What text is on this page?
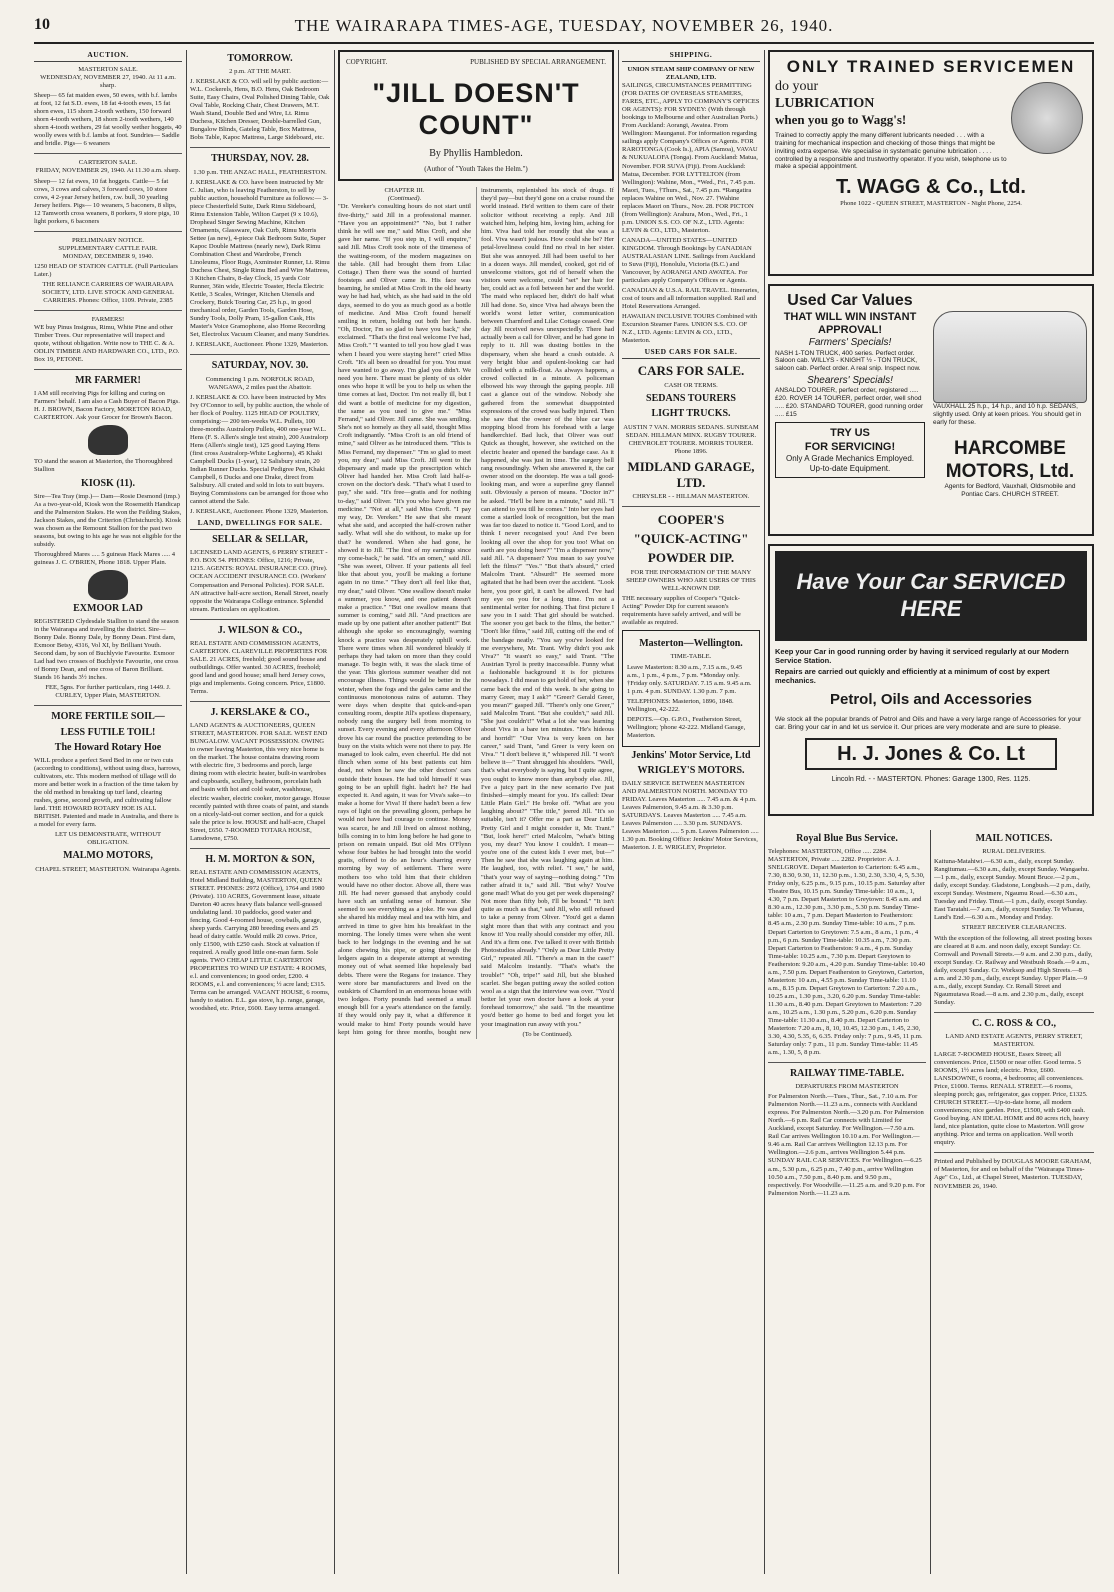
10	THE WAIRARAPA TIMES-AGE, TUESDAY, NOVEMBER 26, 1940.
AUCTION.
MASTERTON SALE.

WEDNESDAY, NOVEMBER 27, 1940. At 11 a.m. sharp.

Sheep— 65 fat maiden ewes, 50 ewes, with b.f. lambs at foot, 12 fat S.D. ewes, 18 fat 4-tooth ewes, 15 fat shorn ewes, 115 shorn 2-tooth wethers, 150 forward shorn 4-tooth wethers, 18 shorn 2-tooth wethers, 140 shorn 4-tooth wethers, 29 fat woolly wether hoggets, 40 woolly ewes with b.f. lambs at foot. Sundries— Saddle and bridle. Pigs— 6 weaners

CARTERTON SALE.

FRIDAY, NOVEMBER 29, 1940. At 11.30 a.m. sharp.

Sheep— 12 fat ewes, 10 fat hoggets. Cattle— 5 fat cows, 3 cows and calves, 3 forward cows, 10 store cows, 4 2-year Jersey heifers, r.w. bull, 30 yearling Jersey heifers. Pigs— 10 weaners, 5 baconers, 8 slips, 12 Tamworth cross weaners, 8 porkers, 9 store pigs, 10 light porkers, 6 baconers

PRELIMINARY NOTICE.
SUPPLEMENTARY CATTLE FAIR.

MONDAY, DECEMBER 9, 1940.

1250 HEAD OF STATION CATTLE. (Full Particulars Later.)

THE RELIANCE CARRIERS OF WAIRARAPA SOCIETY, LTD. LIVE STOCK AND GENERAL CARRIERS. Phones: Office, 1109. Private, 2385

FARMERS!

WE buy Pinus Insignus, Rimu, White Pine and other Timber Trees. Our representative will inspect and quote, without obligation. Write now to THE C. & A. ODLIN TIMBER AND HARDWARE CO., LTD., P.O. Box 19, PETONE.

MR FARMER!

I AM still receiving Pigs for killing and curing on Farmers' behalf. I am also a Cash Buyer of Bacon Pigs. H. J. BROWN, Bacon Factory, MORETON ROAD, CARTERTON. Ask your Grocer for Brown's Bacon.

TO stand the season at Masterton, the Thoroughbred Stallion

KIOSK (11).

Sire—Tea Tray (imp.)— Dam—Rosie Desmond (imp.) As a two-year-old, Kiosk won the Rosemeith Handicap and the Palmerston Stakes. He won the Feilding Stakes, Jackson Stakes, and the Criterion (Christchurch). Kiosk was chosen as the Remount Stallion for the past two seasons, but owing to his age he was not eligible for the subsidy.

Thoroughbred Mares ..... 5 guineas Hack Mares ..... 4 guineas J. C. O'BRIEN, Phone 1818. Upper Plain.

EXMOOR LAD

REGISTERED Clydesdale Stallion to stand the season in the Wairarapa and travelling the district. Sire—Bonny Dale. Bonny Dale, by Bonny Dean. First dam, Exmoor Betsy, 4316, Vol XI, by Brilliant Youth. Second dam, by son of Buchlyvie Favourite. Exmoor Lad had two crosses of Buchlyvie Favourite, one cross of Bonny Dean, and one cross of Baron Brilliant. Stands 16 hands 3½ inches.

FEE, 5gns. For further particulars, ring 1449. J. CURLEY, Upper Plain, MASTERTON.

MORE FERTILE SOIL—
LESS FUTILE TOIL!
The Howard Rotary Hoe

WILL produce a perfect Seed Bed in one or two cuts (according to conditions), without using discs, harrows, cultivators, etc. This modern method of tillage will do more and better work in a fraction of the time taken by the old method in breaking up turf land, clearing rushes, gorse, second growth, and cultivating fallow land. THE HOWARD ROTARY HOE IS ALL BRITISH. Patented and made in Australia, and there is a model for every farm.

LET US DEMONSTRATE, WITHOUT OBLIGATION.

MALMO MOTORS,

CHAPEL STREET, MASTERTON. Wairarapa Agents.

TOMORROW.

2 p.m. AT THE MART.

J. KERSLAKE & CO. will sell by public auction:— W.L. Cockerels, Hens, B.O. Hens, Oak Bedroom Suite, Easy Chairs, Oval Polished Dining Table, Oak Oval Table, Rocking Chair, Chest Drawers, M.T. Wash Stand, Double Bed and Wire, Lt. Rimu Duchess, Kitchen Dresser, Double-barrelled Gun, Bungalow Blinds, Gateleg Table, Box Mattress, Bobs Table, Kapoc Mattress, Large Sideboard, etc.

THURSDAY, NOV. 28.

1.30 p.m. THE ANZAC HALL, FEATHERSTON.

J. KERSLAKE & CO. have been instructed by Mr C. Julian, who is leaving Featherston, to sell by public auction, household Furniture as follows:— 3-piece Chesterfield Suite, Dark Rimu Sideboard, Rimu Extension Table, Wilton Carpet (9 x 10.6), Drophead Singer Sewing Machine, Kitchen Ornaments, Glassware, Oak Curb, Rimu Morris Settee (as new), 4-piece Oak Bedroom Suite, Super Kapoc Double Mattress (nearly new), Dark Rimu Combination Chest and Wardrobe, French Linoleums, Floor Rugs, Axminster Runner, Lt. Rimu Duchess Chest, Single Rimu Bed and Wire Mattress, 3 Kitchen Chairs, 8-day Clock, 15 yards Coir Runner, 36in wide, Electric Toaster, Hecla Electric Kettle, 3 Scales, Wringer, Kitchen Utensils and Crockery, Buick Touring Car, 25 h.p., in good mechanical order, Garden Tools, Garden Hose, Sundry Tools, Dolly Pram, 15-gallon Cask, His Master's Voice Gramophone, also Home Recording Set, Electrolux Vacuum Cleaner, and many Sundries.

J. KERSLAKE, Auctioneer. Phone 1329, Masterton.

SATURDAY, NOV. 30.

Commencing 1 p.m. NORFOLK ROAD, WANGAWA, 2 miles past the Abattoir.

J. KERSLAKE & CO. have been instructed by Mrs Ivy O'Connor to sell, by public auction, the whole of her flock of Poultry. 1125 HEAD OF POULTRY, comprising:— 200 ten-weeks W.L. Pullets, 100 three-months Australorp Pullets, 400 one-year W.L. Hens (F. S. Allen's single test strain), 200 Australorp Hens (Allen's single test), 125 good Laying Hens (first cross Australorp-White Leghorns), 45 Khaki Campbell Ducks (1-year), 12 Salisbury strain, 20 Indian Runner Ducks. Special Pedigree Pen, Khaki Campbell, 6 Ducks and one Drake, direct from Salisbury. All crated and sold in lots to suit buyers. Buying Commissions can be arranged for those who cannot attend the Sale.

J. KERSLAKE, Auctioneer. Phone 1329, Masterton.

LAND, DWELLINGS FOR SALE.
SELLAR & SELLAR,

LICENSED LAND AGENTS, 6 PERRY STREET - P.O. BOX 54. PHONES: Office, 1216; Private, 1215. AGENTS: ROYAL INSURANCE CO. (Fire). OCEAN ACCIDENT INSURANCE CO. (Workers' Compensation and Personal Policies). FOR SALE. AN attractive half-acre section, Renall Street, nearly opposite the Wairarapa College entrance. Splendid stream. Particulars on application.

J. WILSON & CO.,

REAL ESTATE AND COMMISSION AGENTS, CARTERTON. CLAREVILLE PROPERTIES FOR SALE. 21 ACRES, freehold; good sound house and outbuildings. Offer wanted. 30 ACRES, freehold; good land and good house; small herd Jersey cows, pigs and implements. Going concern. Price, £1800. Terms.

J. KERSLAKE & CO.,

LAND AGENTS & AUCTIONEERS, QUEEN STREET, MASTERTON. FOR SALE. WEST END BUNGALOW. VACANT POSSESSION. OWING to owner leaving Masterton, this very nice home is on the market. The house contains drawing room with electric fire, 3 bedrooms and porch, large dining room with electric heater, built-in wardrobes and cupboards, scullery, bathroom, porcelain bath and basin with hot and cold water, washhouse, electric washer, electric cooker, motor garage. House recently painted with three coats of paint, and stands on a nicely-laid-out corner section, and for a quick sale the price is low. HOUSE and half-acre, Chapel Street, £650. 7-ROOMED TOTARA HOUSE, Lansdowne, £750.

H. M. MORTON & SON,

REAL ESTATE AND COMMISSION AGENTS, Hotel Midland Building, MASTERTON, QUEEN STREET. PHONES: 2972 (Office), 1764 and 1980 (Private). 110 ACRES, Government lease, situate Dareton 40 acres heavy flats balance well-grassed undulating land. 10 paddocks, good water and fencing. Good 4-roomed house, cowbails, garage, sheep yards. Carrying 280 breeding ewes and 25 head of dairy cattle. Would milk 20 cows. Price, only £1500, with £250 cash. Stock at valuation if required. A really good little one-man farm. Sole agents. TWO CHEAP LITTLE CARTERTON PROPERTIES TO WIND UP ESTATE: 4 ROOMS, e.l. and conveniences; in good order, £200. 4 ROOMS, e.l. and conveniences; ½ acre land; £315. Terms can be arranged. VACANT HOUSE, 6 rooms, handy to station. E.L. gas stove, h.p. range, garage, woodshed, etc. Price, £600. Easy terms arranged.

COPYRIGHT.	PUBLISHED BY SPECIAL ARRANGEMENT.
"JILL DOESN'T COUNT"
By Phyllis Hambledon.
(Author of "Youth Takes the Helm.")
CHAPTER III.
(Continued).

"Dr. Vereker's consulting hours do not start until five-thirty," said Jill in a professional manner. "Have you an appointment?" "No, but I rather think he will see me," said Miss Croft, and she gave her name. "If you step in, I will enquire," said Jill. Miss Croft took note of the timeness of the waiting-room, of the modern magazines on the table. (Jill had brought them from Lilac Cottage.) Then there was the sound of hurried footsteps and Oliver came in. His face was beaming, he smiled at Miss Croft in the old hearty way he had had, which, as she had said in the old days, seemed to do you as much good as a bottle of medicine. And Miss Croft found herself smiling in return, holding out both her hands. "Oh, Doctor, I'm so glad to have you back," she exclaimed. "That's the first real welcome I've had, Miss Croft." "I wanted to tell you how glad I was when I heard you were staying here!" cried Miss Croft. "It's all been so dreadful for you. You must have wanted to go away. I'm glad you didn't. We need you here. There must be plenty of us older ones who hope it will be you to help us when the time comes at last, Doctor. I'm not really ill, but I did want a bottle of medicine for my digestion, the same as you used to give me." "Miss Ferrand," said Oliver. Jill came. She was smiling. She's not so homely as they all said, thought Miss Croft indignantly. "Miss Croft is an old friend of mine," said Oliver as he introduced them. "This is Miss Ferrand, my dispenser." "I'm so glad to meet you, my dear," said Miss Croft. Jill went to the dispensary and made up the prescription which Oliver had handed her. Miss Croft laid half-a-crown on the doctor's desk. "That's what I used to pay," she said. "It's free—gratis and for nothing to-day," said Oliver. "It's you who have given me medicine." "Not at all," said Miss Croft. "I pay my way, Dr. Vereker." He saw that she meant what she said, and accepted the half-crown rather sadly. What will she do without, to make up for that? he wondered. When she had gone, he showed it to Jill. "The first of my earnings since my come-back," he said. "It's an omen," said Jill. "She was sweet, Oliver. If your patients all feel like that about you, you'll be making a fortune again in no time." "They don't all feel like that, my dear," said Oliver. "One swallow doesn't make a summer, you know, and one patient doesn't make a practice." "But one swallow means that summer is coming," said Jill. "And practices are made up by one patient after another patient!" But although she spoke so encouragingly, warning knock a practice was desperately uphill work. There were times when Jill wondered bleakly if perhaps they had taken on more than they could manage. To begin with, it was the slack time of the year. This glorious summer weather did not encourage illness. Things would be better in the winter, when the fogs and the gales came and the continuous monotonous rains of autumn. They were days when despite that quick-and-span consulting room, despite Jill's spotless dispensary, nobody rang the surgery bell from morning to sunset. Every evening and every afternoon Oliver drove his car round the practice pretending to be busy on the visits which were not there to pay. He managed to look calm, even cheerful. He did not flinch when some of his best patients cut him dead, not when he saw the other doctors' cars outside their houses. He had told himself it was going to be an uphill fight. hadn't he? He had expected it. And again, it was for Viva's sake—to make a home for Viva! If there hadn't been a few rays of light on the prevailing gloom, perhaps he would not have had courage to continue. Money was scarce, he and Jill lived on almost nothing, bills coming in to him long before he had gone to prison on remain unpaid. But old Mrs O'Flynn whose four babies he had brought into the world gratis, offered to do an hour's charring every morning by way of settlement. There were mothers too who told him that their children would have no other doctor. Above all, there was Jill. He had never guessed that anybody could have such an unfailing sense of humour. She seemed to see everything as a joke. He was glad she shared his midday meal and tea with him, and arrived in time to give him his breakfast in the morning. The lonely times were when she went back to her lodgings in the evening and he sat alone chewing his pipe, or going through the ledgers again in a desperate attempt at wresting money out of what seemed like hopelessly bad debts. There were the Regans for instance. They were store bar manufacturers and lived on the outskirts of Charnford in an enormous house with two lodges. Forty pounds had seemed a small enough bill for a year's attendance on the family. If they would only pay it, what a difference it would make to him! Forty pounds would have kept him going for three months, bought new instruments, replenished his stock of drugs. If they'd pay—but they'd gone on a cruise round the world instead. He'd written to them care of their solicitor without receiving a reply. And Jill watched him, helping him, loving him, aching for him. Viva had told her roundly that she was a fool. Viva wasn't jealous. How could she be? Her petal-loveliness could find no rival in her sister. But she was annoyed. Jill had been useful to her in a dozen ways. Jill mended, cooked, got rid of unwelcome visitors, got rid of herself when the visitors were welcome, could "set" her hair for her, could act as a foil between her and the world. The maid who replaced her, didn't do half what Jill had done. So, since Viva had always been the world's worst letter writer, communication between Charnford and Lilac Cottage ceased. One day Jill received news unexpectedly. There had actually been a call for Oliver, and he had gone in reply to it. Jill was dusting bottles in the dispensary, when she heard a crash outside. A very bright blue and opulent-looking car had collided with a milk-float. As always happens, a crowd collected in a minute. A policeman elbowed his way through the gaping people. Jill cast a glance out of the window. Nobody she gathered from the somewhat disappointed expressions of the crowd was badly injured. Then she saw that the owner of the blue car was mopping blood from his forehead with a large handkerchief. Bad luck, that Oliver was out! Quick as thought, however, she switched on the electric heater and opened the bandage case. As it happened, she was just in time. The surgery bell rang resoundingly. When she answered it, the car owner stood on the doorstep. He was a tall good-looking man, and wore a superfine grey flannel suit. Obviously a person of means. "Doctor in?" he asked. "He'll be here in a minute," said Jill. "I can attend to you till he comes." Into her eyes had come a startled look of recognition, but the man was far too dazed to notice it. "Good Lord, and to think I never recognised you! And I've been looking all over the shop for you too! What on earth are you doing here?" "I'm a dispenser now," said Jill. "A dispenser? You mean to say you've left the films?" "Yes." "But that's absurd," cried Malcolm Trant. "Absurd!" He seemed more agitated that he had been over the accident. "Look here, you poor girl, it can't be allowed. I've had my eye on you for a long time. I'm not a sentimental writer for nothing. That first picture I saw you in I said: That girl should be watched. The sooner you get back to the films, the better." "Don't like films," said Jill, cutting off the end of the bandage neatly. "You say you've looked for me everywhere, Mr. Trant. Why didn't you ask Viva?" "It wasn't so easy," said Trant. "The Austrian Tyrol is pretty inaccessible. Funny what a fashionable background it is for pictures nowadays. I did mean to get hold of her, when she came back the end of this week. Is she going to marry Greer, may I ask?" "Greer? Gerald Greer, you mean?" gasped Jill. "There's only one Greer," said Malcolm Trant. "But she couldn't," said Jill. "She just couldn't!" What a lot she was learning about Viva in a bare ten minutes. "He's hideous and horrid!" "Our Viva is very keen on her career," said Trant, "and Greer is very keen on Viva." "I don't believe it," whispered Jill. "I won't believe it—" Trant shrugged his shoulders. "Well, that's what everybody is saying, but I quite agree, you ought to know more than anybody else. Jill, I've a juicy part in the new scenario I've just finished—simply meant for you. It's called: Dear Little Plain Girl." He broke off. "What are you laughing about?" "The title," jeered Jill. "It's so suitable, isn't it? Offer me a part as Dear Little Pretty Girl and I might consider it, Mr. Trant." "But, look here!" cried Malcolm, "what's biting you, my dear? You know I couldn't. I mean—you're one of the cutest kids I ever met, but—" Then he saw that she was laughing again at him. He laughed, too, with relief. "I see," he said, "that's your way of saying—nothing doing." "I'm rather afraid it is," said Jill. "But why? You've gone mad! What do you get per week dispensing? Not more than fifty bob, I'll be bound." "It isn't quite as much as that," said Jill, who still refused to take a penny from Oliver. "You'd get a damn sight more than that with any contract and you know it! You really should consider my offer, Jill. And it's a firm one. I've talked it over with British Photostudios already." "Only as Dear Little Pretty Girl," repeated Jill. "There's a man in the case!" said Malcolm instantly. "That's what's the trouble!" "Oh, tripe!" said Jill, but she blushed scarlet. She began putting away the soiled cotton wool as a sign that the interview was over. "You'd better let your own doctor have a look at your forehead tomorrow," she said. "In the meantime you'd better go home to bed and forget you let your imagination run away with you."

(To be Continued).

SHIPPING.
UNION STEAM SHIP COMPANY OF NEW ZEALAND, LTD.

SAILINGS, CIRCUMSTANCES PERMITTING (FOR DATES OF OVERSEAS STEAMERS, FARES, ETC., APPLY TO COMPANY'S OFFICES OR AGENTS): FOR SYDNEY: (With through bookings to Melbourne and other Australian Ports.) From Auckland: Aorangi, Awatea. From Wellington: Maunganui. For information regarding sailings apply Company's Offices or Agents. FOR RAROTONGA (Cook Is.), APIA (Samoa), VAVAU & NUKUALOFA (Tonga). From Auckland: Matua, November. FOR SUVA (Fiji). From Auckland: Matua, December. FOR LYTTELTON (from Wellington): Wahine, Mon., *Wed., Fri., 7.45 p.m. Maori, Tues., †Thurs., Sat., 7.45 p.m. *Rangatira replaces Wahine on Wed., Nov. 27. †Wahine replaces Maori on Thurs., Nov. 28. FOR PICTON (from Wellington): Arahura, Mon., Wed., Fri., 1 p.m. UNION S.S. CO. OF N.Z., LTD. Agents: LEVIN & CO., LTD., Masterton.

CANADA—UNITED STATES—UNITED KINGDOM. Through Bookings by CANADIAN AUSTRALASIAN LINE. Sailings from Auckland to Suva (Fiji), Honolulu, Victoria (B.C.) and Vancouver, by AORANGI AND AWATEA. For particulars apply Company's Offices or Agents.

CANADIAN & U.S.A. RAIL TRAVEL. Itineraries, cost of tours and all information supplied. Rail and Hotel Reservations Arranged.

HAWAIIAN INCLUSIVE TOURS Combined with Excursion Steamer Fares. UNION S.S. CO. OF N.Z., LTD. Agents: LEVIN & CO., LTD., Masterton.

USED CARS FOR SALE.
CARS FOR SALE.

CASH OR TERMS.

SEDANS TOURERS
LIGHT TRUCKS.

AUSTIN 7 VAN. MORRIS SEDANS. SUNBEAM SEDAN. HILLMAN MINX. RUGBY TOURER. CHEVROLET TOURER. MORRIS TOURER. Phone 1896.

MIDLAND GARAGE, LTD.

CHRYSLER - - HILLMAN MASTERTON.

COOPER'S
"QUICK-ACTING"
POWDER DIP.

FOR THE INFORMATION OF THE MANY SHEEP OWNERS WHO ARE USERS OF THIS WELL-KNOWN DIP.

THE necessary supplies of Cooper's "Quick-Acting" Powder Dip for current season's requirements have safely arrived, and will be available as required.

Masterton—Wellington.

TIME-TABLE.

Leave Masterton: 8.30 a.m., 7.15 a.m., 9.45 a.m., 1 p.m., 4 p.m., 7 p.m. *Monday only. †Friday only. SATURDAY. 7.15 a.m. 9.45 a.m. 1 p.m. 4 p.m. SUNDAY. 1.30 p.m. 7 p.m.

TELEPHONES: Masterton, 1896, 1848. Wellington, 42-222.

DEPOTS.—Op. G.P.O., Featherston Street, Wellington; 'phone 42-222. Midland Garage, Masterton.

Jenkins' Motor Service, Ltd
WRIGLEY'S MOTORS.

DAILY SERVICE BETWEEN MASTERTON AND PALMERSTON NORTH. MONDAY TO FRIDAY. Leaves Masterton ..... 7.45 a.m. & 4 p.m. Leaves Palmerston, 9.45 a.m. & 3.30 p.m. SATURDAYS. Leaves Masterton ..... 7.45 a.m. Leaves Palmerston ..... 3.30 p.m. SUNDAYS. Leaves Masterton ..... 5 p.m. Leaves Palmerston ..... 1.30 p.m. Booking Office: Jenkins' Motor Services, Masterton. J. E. WRIGLEY, Proprietor.

ONLY TRAINED SERVICEMEN
do your
LUBRICATION
when you go to Wagg's!

Trained to correctly apply the many different lubricants needed . . . with a training for mechanical inspection and checking of those things that might be inviting extra expense. We specialise in systematic genuine lubrication . . . . controlled by a responsible and trustworthy operator. If you wish, telephone us to make a special appointment.

T. WAGG & Co., Ltd.
Phone 1022 - QUEEN STREET, MASTERTON - Night Phone, 2254.
Used Car Values
THAT WILL WIN INSTANT APPROVAL!
Farmers' Specials!

NASH 1-TON TRUCK, 400 series. Perfect order. Saloon cab. WILLYS - KNIGHT ½ - TON TRUCK, saloon cab. Perfect order. A real snip. Inspect now.

Shearers' Specials!

ANSALDO TOURER, perfect order, registered ..... £20. ROVER 14 TOURER, perfect order, well shod ..... £20. STANDARD TOURER, good running order ..... £15

TRY US
FOR SERVICING!
Only A Grade Mechanics Employed.
Up-to-date Equipment.

VAUXHALL 25 h.p., 14 h.p., and 10 h.p. SEDANS, slightly used. Only at keen prices. You should get in early for these.

HARCOMBE MOTORS, Ltd.
Agents for Bedford, Vauxhall, Oldsmobile and Pontiac Cars. CHURCH STREET.
Have Your Car SERVICED HERE

Keep your Car in good running order by having it serviced regularly at our Modern Service Station.

Repairs are carried out quickly and efficiently at a minimum of cost by expert mechanics.

Petrol, Oils and Accessories

We stock all the popular brands of Petrol and Oils and have a very large range of Accessories for your car. Bring your car in and let us service it. Our prices are very moderate and are sure to please.

H. J. Jones & Co. Lt
Lincoln Rd. - - MASTERTON. Phones: Garage 1300, Res. 1125.
Royal Blue Bus Service.

Telephones: MASTERTON, Office ..... 2284. MASTERTON, Private ..... 2282. Proprietor: A. J. SNELGROVE. Depart Masterton to Carterton: 6.45 a.m., 7.30, 8.30, 9.30, 11, 12.30 p.m., 1.30, 2.30, 3.30, 4, 5, 5.30, Friday only, 6.25 p.m., 9.15 p.m., 10.15 p.m. Saturday after Theatre Bus, 10.15 p.m. Sunday Time-table: 10 a.m., 1, 4.30, 7 p.m. Depart Masterton to Greytown: 8.45 a.m. and 8.30 a.m., 12.30 p.m., 3.30 p.m., 5.30 p.m. Sunday Time-table: 10 a.m., 7 p.m. Depart Masterton to Featherston: 8.45 a.m., 2.30 p.m. Sunday Time-table: 10 a.m., 7 p.m. Depart Carterton to Greytown: 7.5 a.m., 8 a.m., 1 p.m., 4 p.m., 6 p.m. Sunday Time-table: 10.35 a.m., 7.30 p.m. Depart Carterton to Featherston: 9 a.m., 4 p.m. Sunday Time-table: 10.25 a.m., 7.30 p.m. Depart Greytown to Featherston: 9.20 a.m., 4.20 p.m. Sunday Time-table: 10.40 a.m., 7.50 p.m. Depart Featherston to Greytown, Carterton, Masterton: 10 a.m., 4.55 p.m. Sunday Time-table: 11.10 a.m., 8.15 p.m. Depart Greytown to Carterton: 7.20 a.m., 10.25 a.m., 1.30 p.m., 3.20, 6.20 p.m. Sunday Time-table: 11.30 a.m., 8.40 p.m. Depart Greytown to Masterton: 7.20 a.m., 10.25 a.m., 1.30 p.m., 5.20 p.m., 6.20 p.m. Sunday Time-table: 11.30 a.m., 8.40 p.m. Depart Carterton to Masterton: 7.20 a.m., 8, 10, 10.45, 12.30 p.m., 1.45, 2.30, 3.30, 4.30, 5.35, 6, 6.35. Friday only: 7 p.m., 9.45, 11 p.m. Saturday only: 7 p.m., 11 p.m. Sunday Time-table: 11.45 a.m., 1.30, 5, 8 p.m.

RAILWAY TIME-TABLE.

DEPARTURES FROM MASTERTON

For Palmerston North.—Tues., Thur., Sat., 7.10 a.m. For Palmerston North.—11.23 a.m., connects with Auckland express. For Palmerston North.—3.20 p.m. For Palmerston North.—6 p.m. Rail Car connects with Limited for Auckland, except Saturday. For Wellington.—7.50 a.m. Rail Car arrives Wellington 10.10 a.m. For Wellington.—9.46 a.m. Rail Car arrives Wellington 12.13 p.m. For Wellington.—2.6 p.m., arrives Wellington 5.44 p.m. SUNDAY RAIL CAR SERVICES. For Wellington.—6.25 a.m., 5.30 p.m., 6.25 p.m., 7.40 p.m., arrive Wellington 10.50 a.m., 7.50 p.m., 8.40 p.m. and 9.50 p.m., respectively. For Woodville.—11.25 a.m. and 9.20 p.m. For Palmerston North.—11.23 a.m.

MAIL NOTICES.

RURAL DELIVERIES.

Kaituna-Matahiwi.—6.30 a.m., daily, except Sunday. Rangitumau.—6.30 a.m., daily, except Sunday. Wangaehu.—1 p.m., daily, except Sunday. Mount Bruce.—2 p.m., daily, except Sunday. Gladstone, Longbush.—2 p.m., daily, except Sunday. Westmere, Ngaumu Road.—6.30 a.m., Tuesday and Friday. Tinui.—1 p.m., daily, except Sunday. East Taratahi.—7 a.m., daily, except Sunday. Te Wharau, Land's End.—6.30 a.m., Monday and Friday.

STREET RECEIVER CLEARANCES.

With the exception of the following, all street posting boxes are cleared at 8 a.m. and noon daily, except Sunday: Cr. Cornwall and Pownall Streets.—9 a.m. and 2.30 p.m., daily, except Sunday. Cr. Railway and Westbush Roads.—9 a.m., daily, except Sunday. Cr. Worksop and High Streets.—8 a.m. and 2.30 p.m., daily, except Sunday. Upper Plain.—9 a.m., daily, except Sunday. Cr. Renall Street and Ngaumutawa Road.—8 a.m. and 2.30 p.m., daily, except Sunday.

C. C. ROSS & CO.,

LAND AND ESTATE AGENTS, PERRY STREET, MASTERTON.

LARGE 7-ROOMED HOUSE, Essex Street; all conveniences. Price, £1500 or near offer. Good terms. 5 ROOMS, 1½ acres land; electric. Price, £600. LANSDOWNE, 6 rooms, 4 bedrooms; all conveniences. Price, £1000. Terms. RENALL STREET.—6 rooms, sleeping porch; gas, refrigerator, gas copper. Price, £1325. CHURCH STREET.—Up-to-date home, all modern conveniences; nice garden. Price, £1500, with £400 cash. Good buying. AN IDEAL HOME and 80 acres rich, heavy land, nice plantation, quite close to Masterton. Will grow anything. Price and terms on application. Well worth enquiry.

Printed and Published by DOUGLAS MOORE GRAHAM, of Masterton, for and on behalf of the "Wairarapa Times-Age" Co., Ltd., at Chapel Street, Masterton. TUESDAY, NOVEMBER 26, 1940.
